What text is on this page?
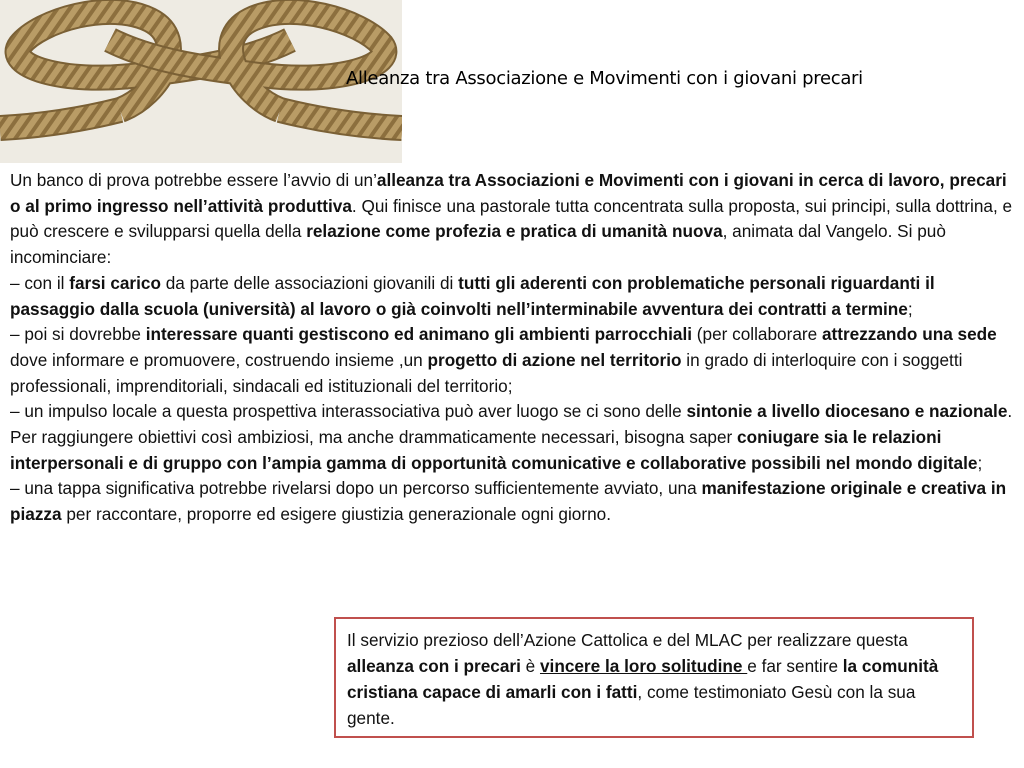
Alleanza tra Associazione e Movimenti con i giovani precari

Un banco di prova potrebbe essere l’avvio di un’alleanza tra Associazioni e Movimenti con i giovani in cerca di lavoro, precari o al primo ingresso nell’attività produttiva. Qui finisce una pastorale tutta concentrata sulla proposta, sui principi, sulla dottrina, e può crescere e svilupparsi quella della relazione come profezia e pratica di umanità nuova, animata dal Vangelo. Si può incominciare:

– con il farsi carico da parte delle associazioni giovanili di tutti gli aderenti con problematiche personali riguardanti il passaggio dalla scuola (università) al lavoro o già coinvolti nell’interminabile avventura dei contratti a termine;

– poi si dovrebbe interessare quanti gestiscono ed animano gli ambienti parrocchiali (per collaborare attrezzando una sede dove informare e promuovere, costruendo insieme ,un progetto di azione nel territorio in grado di interloquire con i soggetti professionali, imprenditoriali, sindacali ed istituzionali del territorio;

– un impulso locale a questa prospettiva interassociativa può aver luogo se ci sono delle sintonie a livello diocesano e nazionale. Per raggiungere obiettivi così ambiziosi, ma anche drammaticamente necessari, bisogna saper coniugare sia le relazioni interpersonali e di gruppo con l’ampia gamma di opportunità comunicative e collaborative possibili nel mondo digitale;

– una tappa significativa potrebbe rivelarsi dopo un percorso sufficientemente avviato, una manifestazione originale e creativa in piazza per raccontare, proporre ed esigere giustizia generazionale ogni giorno.

Il servizio prezioso dell’Azione Cattolica e del MLAC per realizzare questa alleanza con i precari è vincere la loro solitudine e far sentire la comunità cristiana capace di amarli con i fatti, come testimoniato Gesù con la sua gente.
